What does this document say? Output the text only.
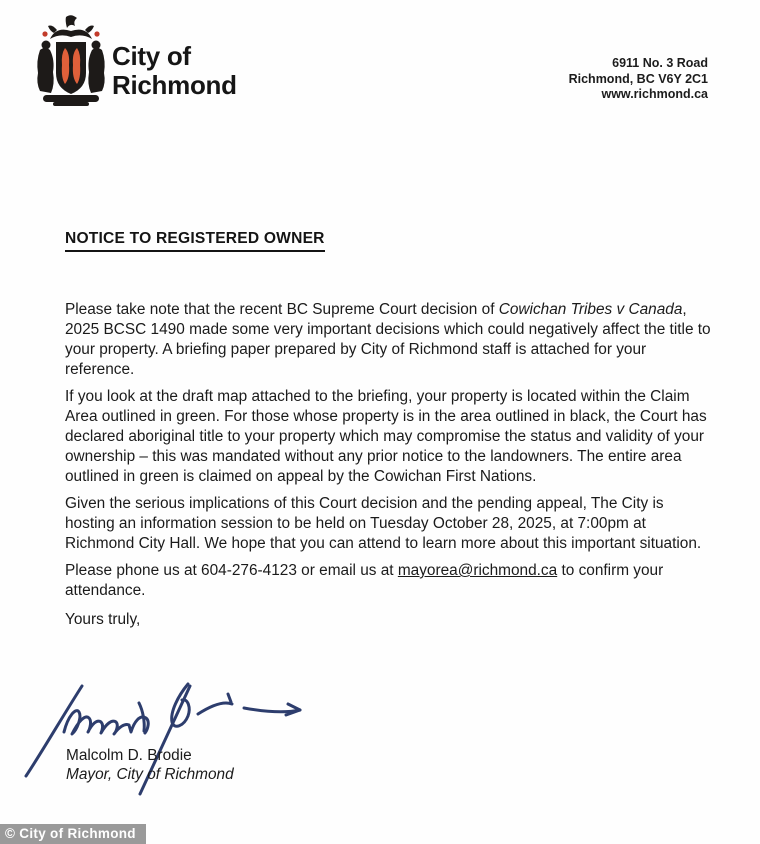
City of
Richmond
6911 No. 3 Road
Richmond, BC V6Y 2C1
www.richmond.ca
NOTICE TO REGISTERED OWNER

Please take note that the recent BC Supreme Court decision of Cowichan Tribes v Canada, 2025 BCSC 1490 made some very important decisions which could negatively affect the title to your property. A briefing paper prepared by City of Richmond staff is attached for your reference.

If you look at the draft map attached to the briefing, your property is located within the Claim Area outlined in green. For those whose property is in the area outlined in black, the Court has declared aboriginal title to your property which may compromise the status and validity of your ownership – this was mandated without any prior notice to the landowners. The entire area outlined in green is claimed on appeal by the Cowichan First Nations.

Given the serious implications of this Court decision and the pending appeal, The City is hosting an information session to be held on Tuesday October 28, 2025, at 7:00pm at Richmond City Hall. We hope that you can attend to learn more about this important situation.

Please phone us at 604-276-4123 or email us at mayorea@richmond.ca to confirm your attendance.

Yours truly,

Malcolm D. Brodie
Mayor, City of Richmond
© City of Richmond
